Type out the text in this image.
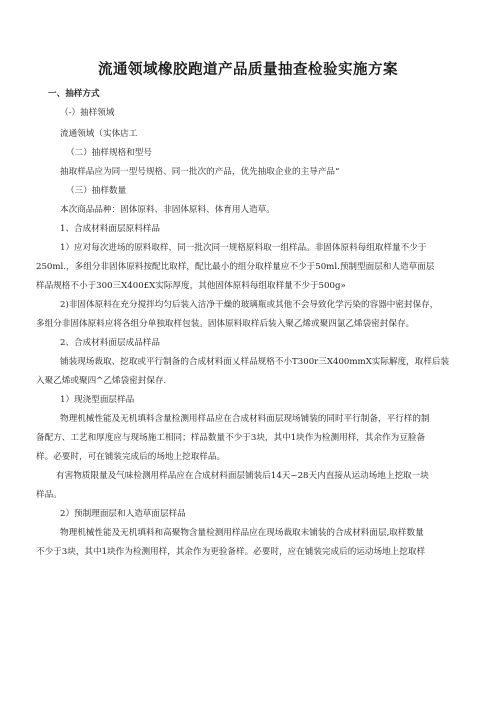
流通领域橡胶跑道产品质量抽查检验实施方案

一、抽样方式

（-）抽样领域

流通领域（实体店工

（二）抽样规格和型号

抽取样品应为同一型号规格、同一批次的产品，优先抽取企业的主导产品“

（三）抽样数量

本次商品品种：固体原料、非固体原料、体育用人造草。

1、合成材料面层原料样品

1）应对每次进场的原料取样，同一批次同一规格原料取一组样品。非固体原料每组取样量不少于

250ml.，多组分非固体原料按配比取样，配比最小的组分取样量应不少于50ml.预制型面层和人造草面层

样品规格不小于300三X400£X实际厚度，其他固体原料每组取样量不少于500g»

2)非固体原料在充分搅拌均匀后装入洁净干燥的玻璃瓶或其他不会导致化学污染的容器中密封保存，

多组分非固体原料应将各组分单独取样包装。固体原料取样后装入聚乙烯或聚四氯乙烯袋密封保存。

2、合成材料面层成品样品

铺装现场裁取、挖取或平行制备的合成材料面乂样品规格不小T300r三X400mmX实际解度，取样后装

入聚乙烯或聚四^乙烯袋密封保存.

1）现浇型面层样品

物理机械性能及无机填料含量检测用样品应在合成材料面层现场铺装的同时平行制备，平行样的制

备配方、工艺和厚度应与现场施工相同；样品数量不少于3块，其中1块作为检测用样，其余作为豆脸备

样。必要时，可在铺装完成后的场地上挖取样品。

有害物质限量及气味检测用样品应在合成材料面层铺装后14天~28天内直接从运动场地上挖取一块

样品。

2）预制理面层和人造草面层样品

物理机械性能及无机填料和高聚物含量检测用样品应在现场裁取未铺装的合成材料面层,取样数量

不少于3块，其中1块作为检测用样，其余作为更验备样。必要时，应在铺装完成后的运动场地上挖取样
